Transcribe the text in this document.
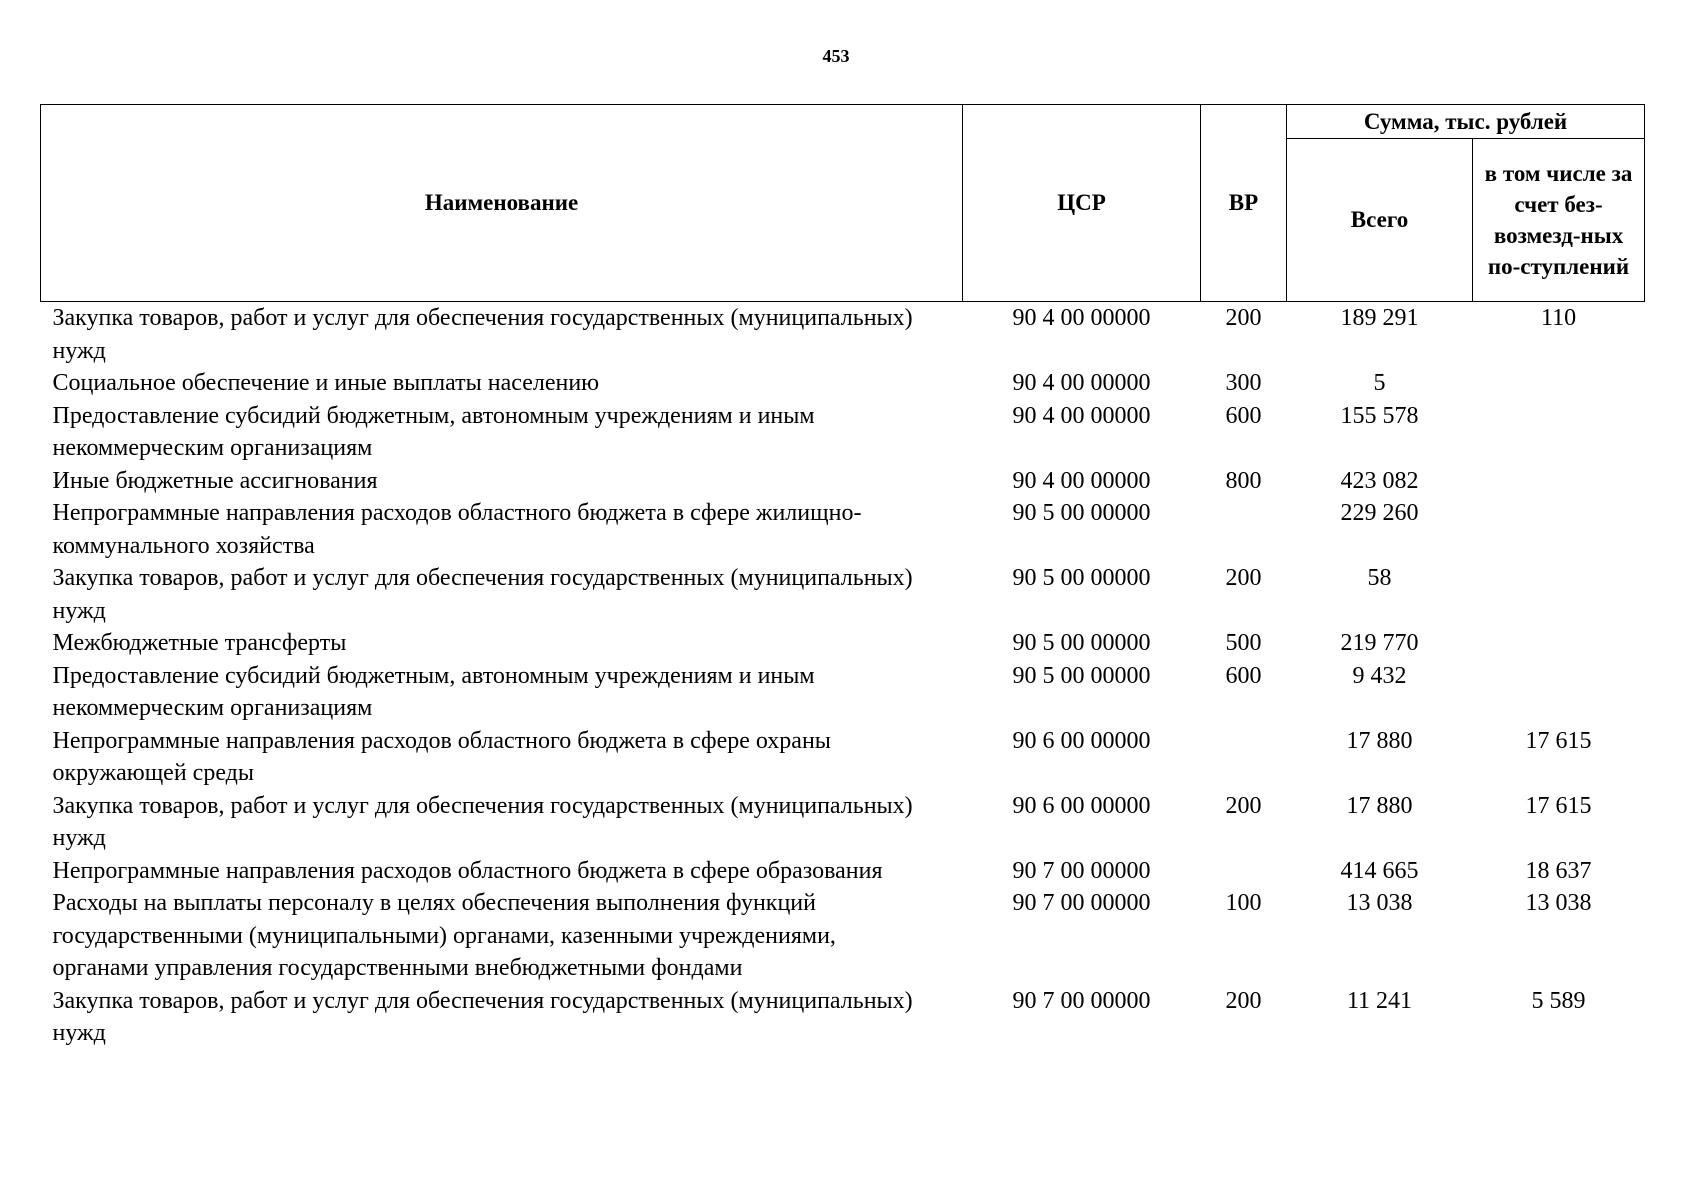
453
Наименование	ЦСР	ВР	Сумма, тыс. рублей	
			Всего	в том числе за счет без-возмезд-ных по-ступлений
Закупка товаров, работ и услуг для обеспечения государственных (муниципальных) нужд	90 4 00 00000	200	189 291	110
Социальное обеспечение и иные выплаты населению	90 4 00 00000	300	5	
Предоставление субсидий бюджетным, автономным учреждениям и иным некоммерческим организациям	90 4 00 00000	600	155 578	
Иные бюджетные ассигнования	90 4 00 00000	800	423 082	
Непрограммные направления расходов областного бюджета в сфере жилищно-коммунального хозяйства	90 5 00 00000		229 260	
Закупка товаров, работ и услуг для обеспечения государственных (муниципальных) нужд	90 5 00 00000	200	58	
Межбюджетные трансферты	90 5 00 00000	500	219 770	
Предоставление субсидий бюджетным, автономным учреждениям и иным некоммерческим организациям	90 5 00 00000	600	9 432	
Непрограммные направления расходов областного бюджета в сфере охраны окружающей среды	90 6 00 00000		17 880	17 615
Закупка товаров, работ и услуг для обеспечения государственных (муниципальных) нужд	90 6 00 00000	200	17 880	17 615
Непрограммные направления расходов областного бюджета в сфере образования	90 7 00 00000		414 665	18 637
Расходы на выплаты персоналу в целях обеспечения выполнения функций государственными (муниципальными) органами, казенными учреждениями, органами управления государственными внебюджетными фондами	90 7 00 00000	100	13 038	13 038
Закупка товаров, работ и услуг для обеспечения государственных (муниципальных) нужд	90 7 00 00000	200	11 241	5 589
